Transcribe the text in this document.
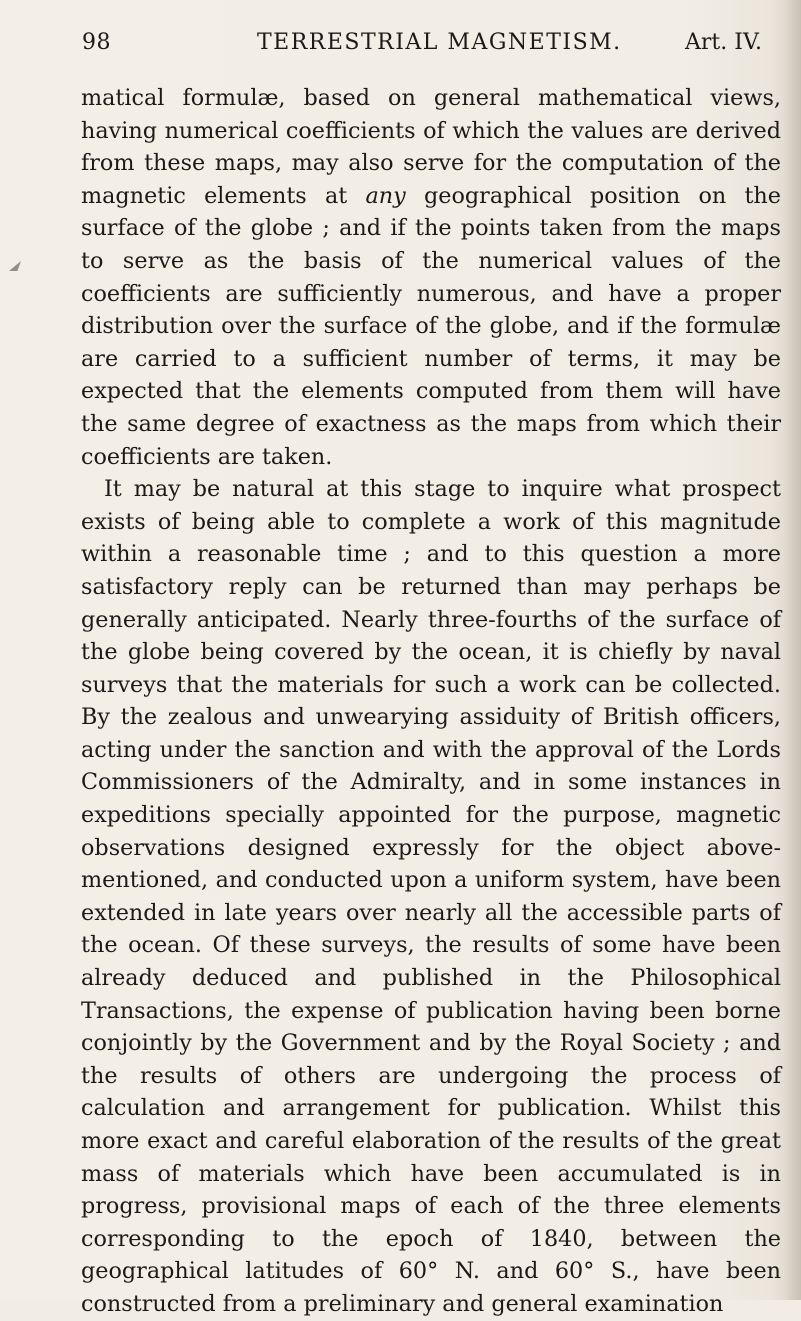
98	TERRESTRIAL MAGNETISM.	Art. IV.

matical formulæ, based on general mathematical views, having numerical coefficients of which the values are derived from these maps, may also serve for the computation of the magnetic elements at any geographical position on the surface of the globe ; and if the points taken from the maps to serve as the basis of the numerical values of the coefficients are sufficiently numerous, and have a proper distribution over the surface of the globe, and if the formulæ are carried to a sufficient number of terms, it may be expected that the elements computed from them will have the same degree of exactness as the maps from which their coefficients are taken.

It may be natural at this stage to inquire what prospect exists of being able to complete a work of this magnitude within a reasonable time ; and to this question a more satisfactory reply can be returned than may perhaps be generally anticipated. Nearly three-fourths of the surface of the globe being covered by the ocean, it is chiefly by naval surveys that the materials for such a work can be collected. By the zealous and unwearying assiduity of British officers, acting under the sanction and with the approval of the Lords Commissioners of the Admiralty, and in some instances in expeditions specially appointed for the purpose, magnetic observations designed expressly for the object above-mentioned, and conducted upon a uniform system, have been extended in late years over nearly all the accessible parts of the ocean. Of these surveys, the results of some have been already deduced and published in the Philosophical Transactions, the expense of publication having been borne conjointly by the Government and by the Royal Society ; and the results of others are undergoing the process of calculation and arrangement for publication. Whilst this more exact and careful elaboration of the results of the great mass of materials which have been accumulated is in progress, provisional maps of each of the three elements corresponding to the epoch of 1840, between the geographical latitudes of 60° N. and 60° S., have been constructed from a preliminary and general examination
